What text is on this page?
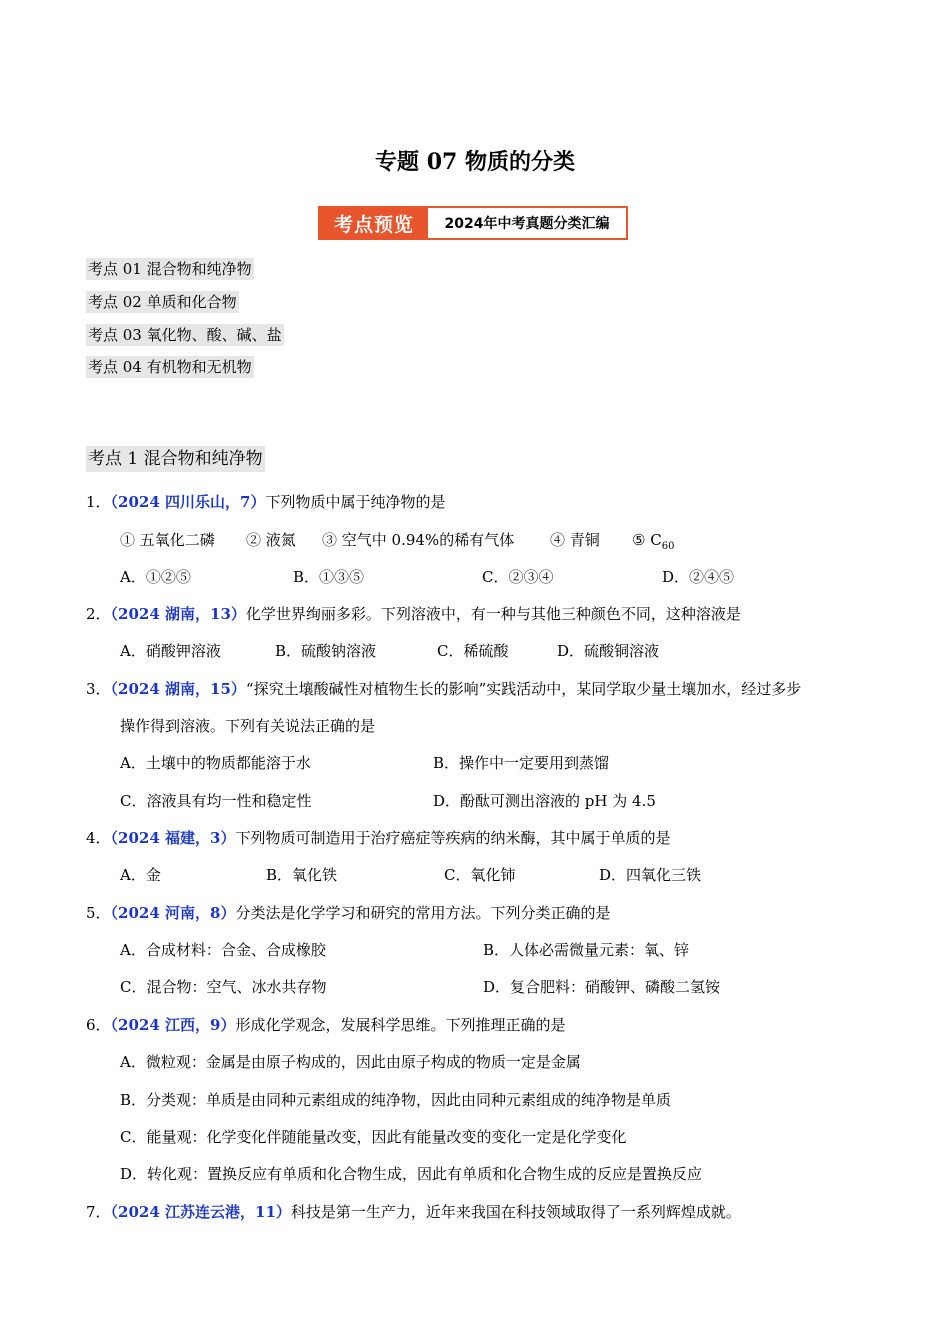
专题 07 物质的分类
考点预览	2024年中考真题分类汇编
考点 01 混合物和纯净物
考点 02 单质和化合物
考点 03 氧化物、酸、碱、盐
考点 04 有机物和无机物
考点 1 混合物和纯净物
1．（2024 四川乐山，7）下列物质中属于纯净物的是
① 五氧化二磷 ② 液氮 ③ 空气中 0.94%的稀有气体 ④ 青铜 ⑤ $C_{60}$
A．①②⑤	B．①③⑤	C．②③④	D．②④⑤
2．（2024 湖南，13）化学世界绚丽多彩。下列溶液中，有一种与其他三种颜色不同，这种溶液是
A．硝酸钾溶液	B．硫酸钠溶液	C．稀硫酸	D．硫酸铜溶液
3．（2024 湖南，15）“探究土壤酸碱性对植物生长的影响”实践活动中，某同学取少量土壤加水，经过多步
操作得到溶液。下列有关说法正确的是
A．土壤中的物质都能溶于水	B．操作中一定要用到蒸馏
C．溶液具有均一性和稳定性	D．酚酞可测出溶液的 pH 为 4.5
4．（2024 福建，3）下列物质可制造用于治疗癌症等疾病的纳米酶，其中属于单质的是
A．金	B．氧化铁	C．氧化铈	D．四氧化三铁
5．（2024 河南，8）分类法是化学学习和研究的常用方法。下列分类正确的是
A．合成材料：合金、合成橡胶	B．人体必需微量元素：氧、锌
C．混合物：空气、冰水共存物	D．复合肥料：硝酸钾、磷酸二氢铵
6．（2024 江西，9）形成化学观念，发展科学思维。下列推理正确的是
A．微粒观：金属是由原子构成的，因此由原子构成的物质一定是金属
B．分类观：单质是由同种元素组成的纯净物，因此由同种元素组成的纯净物是单质
C．能量观：化学变化伴随能量改变，因此有能量改变的变化一定是化学变化
D．转化观：置换反应有单质和化合物生成，因此有单质和化合物生成的反应是置换反应
7．（2024 江苏连云港，11）科技是第一生产力，近年来我国在科技领域取得了一系列辉煌成就。
